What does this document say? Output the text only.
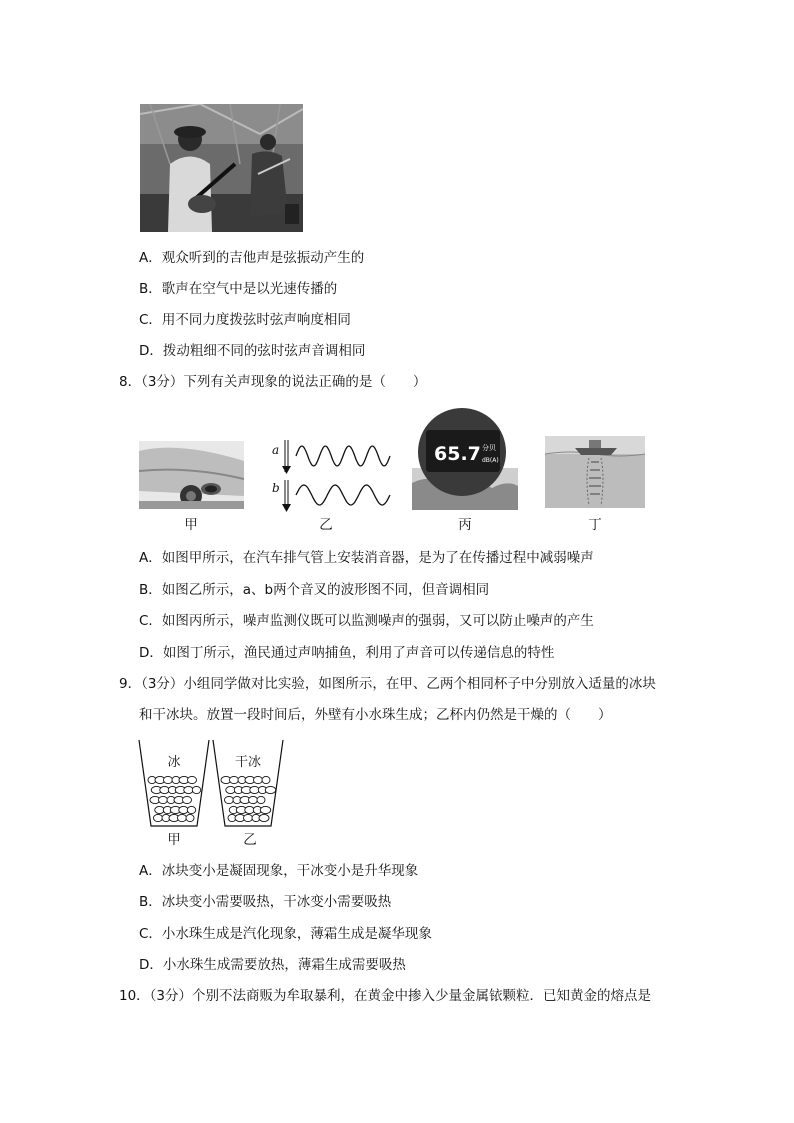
A．观众听到的吉他声是弦振动产生的
B．歌声在空气中是以光速传播的
C．用不同力度拨弦时弦声响度相同
D．拨动粗细不同的弦时弦声音调相同
8．（3分）下列有关声现象的说法正确的是（　　）
a
b
65.7 分贝
dB(A)
甲	乙	丙	丁
A．如图甲所示，在汽车排气管上安装消音器，是为了在传播过程中减弱噪声
B．如图乙所示，a、b两个音叉的波形图不同，但音调相同
C．如图丙所示，噪声监测仪既可以监测噪声的强弱，又可以防止噪声的产生
D．如图丁所示，渔民通过声呐捕鱼，利用了声音可以传递信息的特性
9．（3分）小组同学做对比实验，如图所示，在甲、乙两个相同杯子中分别放入适量的冰块
和干冰块。放置一段时间后，外壁有小水珠生成；乙杯内仍然是干燥的（　　）
冰	干冰
甲	乙
A．冰块变小是凝固现象，干冰变小是升华现象
B．冰块变小需要吸热，干冰变小需要吸热
C．小水珠生成是汽化现象，薄霜生成是凝华现象
D．小水珠生成需要放热，薄霜生成需要吸热
10．（3分）个别不法商贩为牟取暴利，在黄金中掺入少量金属铱颗粒．已知黄金的熔点是
